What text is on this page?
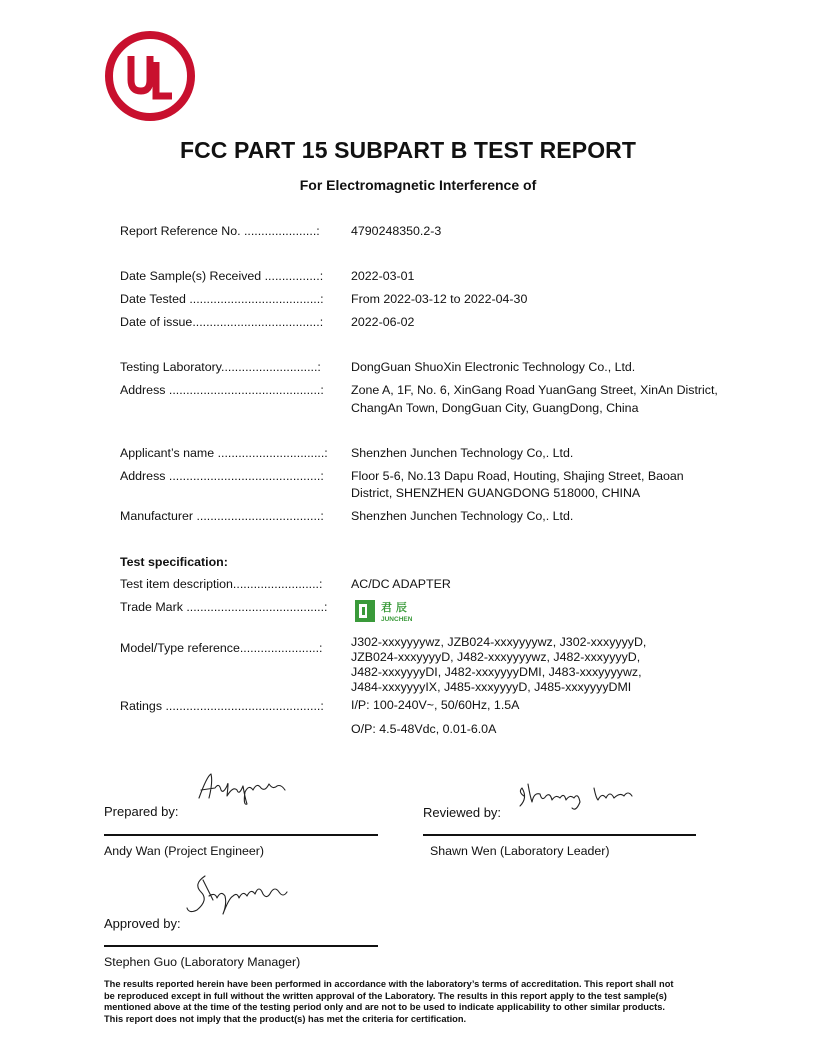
FCC PART 15 SUBPART B TEST REPORT
For Electromagnetic Interference of
Report Reference No. .....................:	4790248350.2-3
Date Sample(s) Received ................: 2022-03-01
Date Tested ......................................: From 2022-03-12 to 2022-04-30
Date of issue.....................................: 2022-06-02
Testing Laboratory............................: DongGuan ShuoXin Electronic Technology Co., Ltd.
Address ............................................: Zone A, 1F, No. 6, XinGang Road YuanGang Street, XinAn District,
ChangAn Town, DongGuan City, GuangDong, China
Applicant’s name ...............................: Shenzhen Junchen Technology Co,. Ltd.
Address ............................................: Floor 5-6, No.13 Dapu Road, Houting, Shajing Street, Baoan
District, SHENZHEN GUANGDONG 518000, CHINA
Manufacturer ....................................: Shenzhen Junchen Technology Co,. Ltd.
Test specification:
Test item description.........................: AC/DC ADAPTER
Trade Mark ........................................:	君 辰
JUNCHEN
Model/Type reference.......................: J302-xxxyyyywz, JZB024-xxxyyyywz, J302-xxxyyyyD,
JZB024-xxxyyyyD, J482-xxxyyyywz, J482-xxxyyyyD,
J482-xxxyyyyDI, J482-xxxyyyyDMI, J483-xxxyyyywz,
J484-xxxyyyyIX, J485-xxxyyyyD, J485-xxxyyyyDMI
Ratings .............................................: I/P: 100-240V~, 50/60Hz, 1.5A
O/P: 4.5-48Vdc, 0.01-6.0A
Prepared by:
Andy Wan (Project Engineer)
Reviewed by:
Shawn Wen (Laboratory Leader)
Approved by:
Stephen Guo (Laboratory Manager)
The results reported herein have been performed in accordance with the laboratory’s terms of accreditation. This report shall not
be reproduced except in full without the written approval of the Laboratory. The results in this report apply to the test sample(s)
mentioned above at the time of the testing period only and are not to be used to indicate applicability to other similar products.
This report does not imply that the product(s) has met the criteria for certification.
